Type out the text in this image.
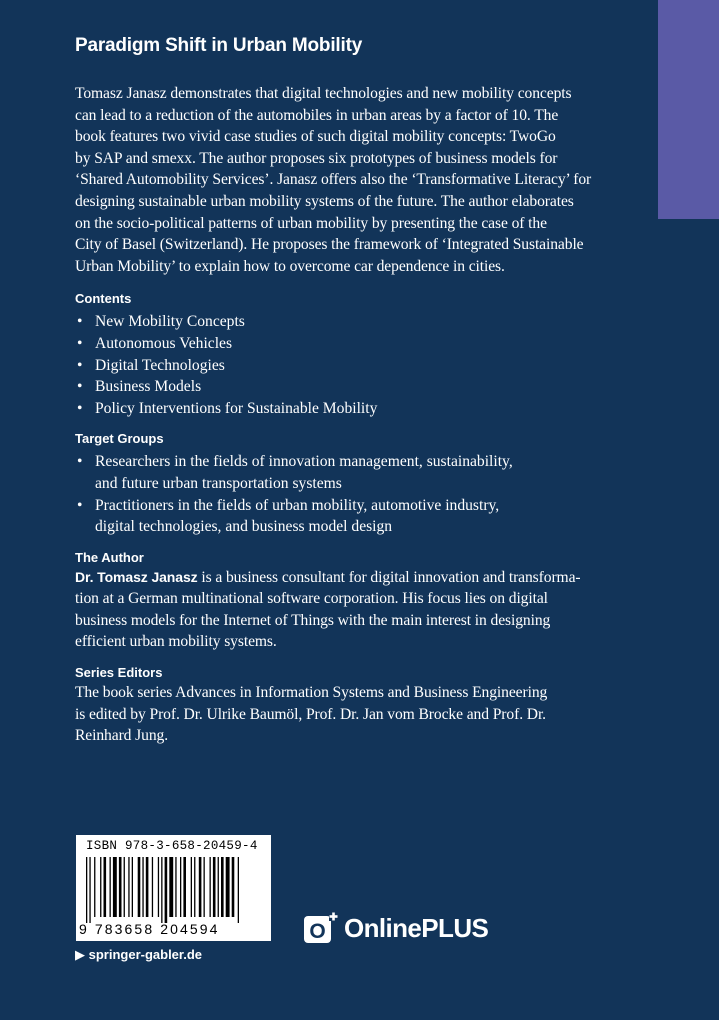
Paradigm Shift in Urban Mobility

Tomasz Janasz demonstrates that digital technologies and new mobility concepts
can lead to a reduction of the automobiles in urban areas by a factor of 10. The
book features two vivid case studies of such digital mobility concepts: TwoGo
by SAP and smexx. The author proposes six prototypes of business models for
‘Shared Automobility Services’. Janasz offers also the ‘Transformative Literacy’ for
designing sustainable urban mobility systems of the future. The author elaborates
on the socio-political patterns of urban mobility by presenting the case of the
City of Basel (Switzerland). He proposes the framework of ‘Integrated Sustainable
Urban Mobility’ to explain how to overcome car dependence in cities.

Contents
• New Mobility Concepts
• Autonomous Vehicles
• Digital Technologies
• Business Models
• Policy Interventions for Sustainable Mobility
Target Groups
• Researchers in the fields of innovation management, sustainability,
and future urban transportation systems
• Practitioners in the fields of urban mobility, automotive industry,
digital technologies, and business model design
The Author

Dr. Tomasz Janasz is a business consultant for digital innovation and transforma-
tion at a German multinational software corporation. His focus lies on digital
business models for the Internet of Things with the main interest in designing
efficient urban mobility systems.

Series Editors

The book series Advances in Information Systems and Business Engineering
is edited by Prof. Dr. Ulrike Baumöl, Prof. Dr. Jan vom Brocke and Prof. Dr.
Reinhard Jung.

ISBN 978-3-658-20459-4
9 783658 204594
▶ springer-gabler.de
O OnlinePLUS
